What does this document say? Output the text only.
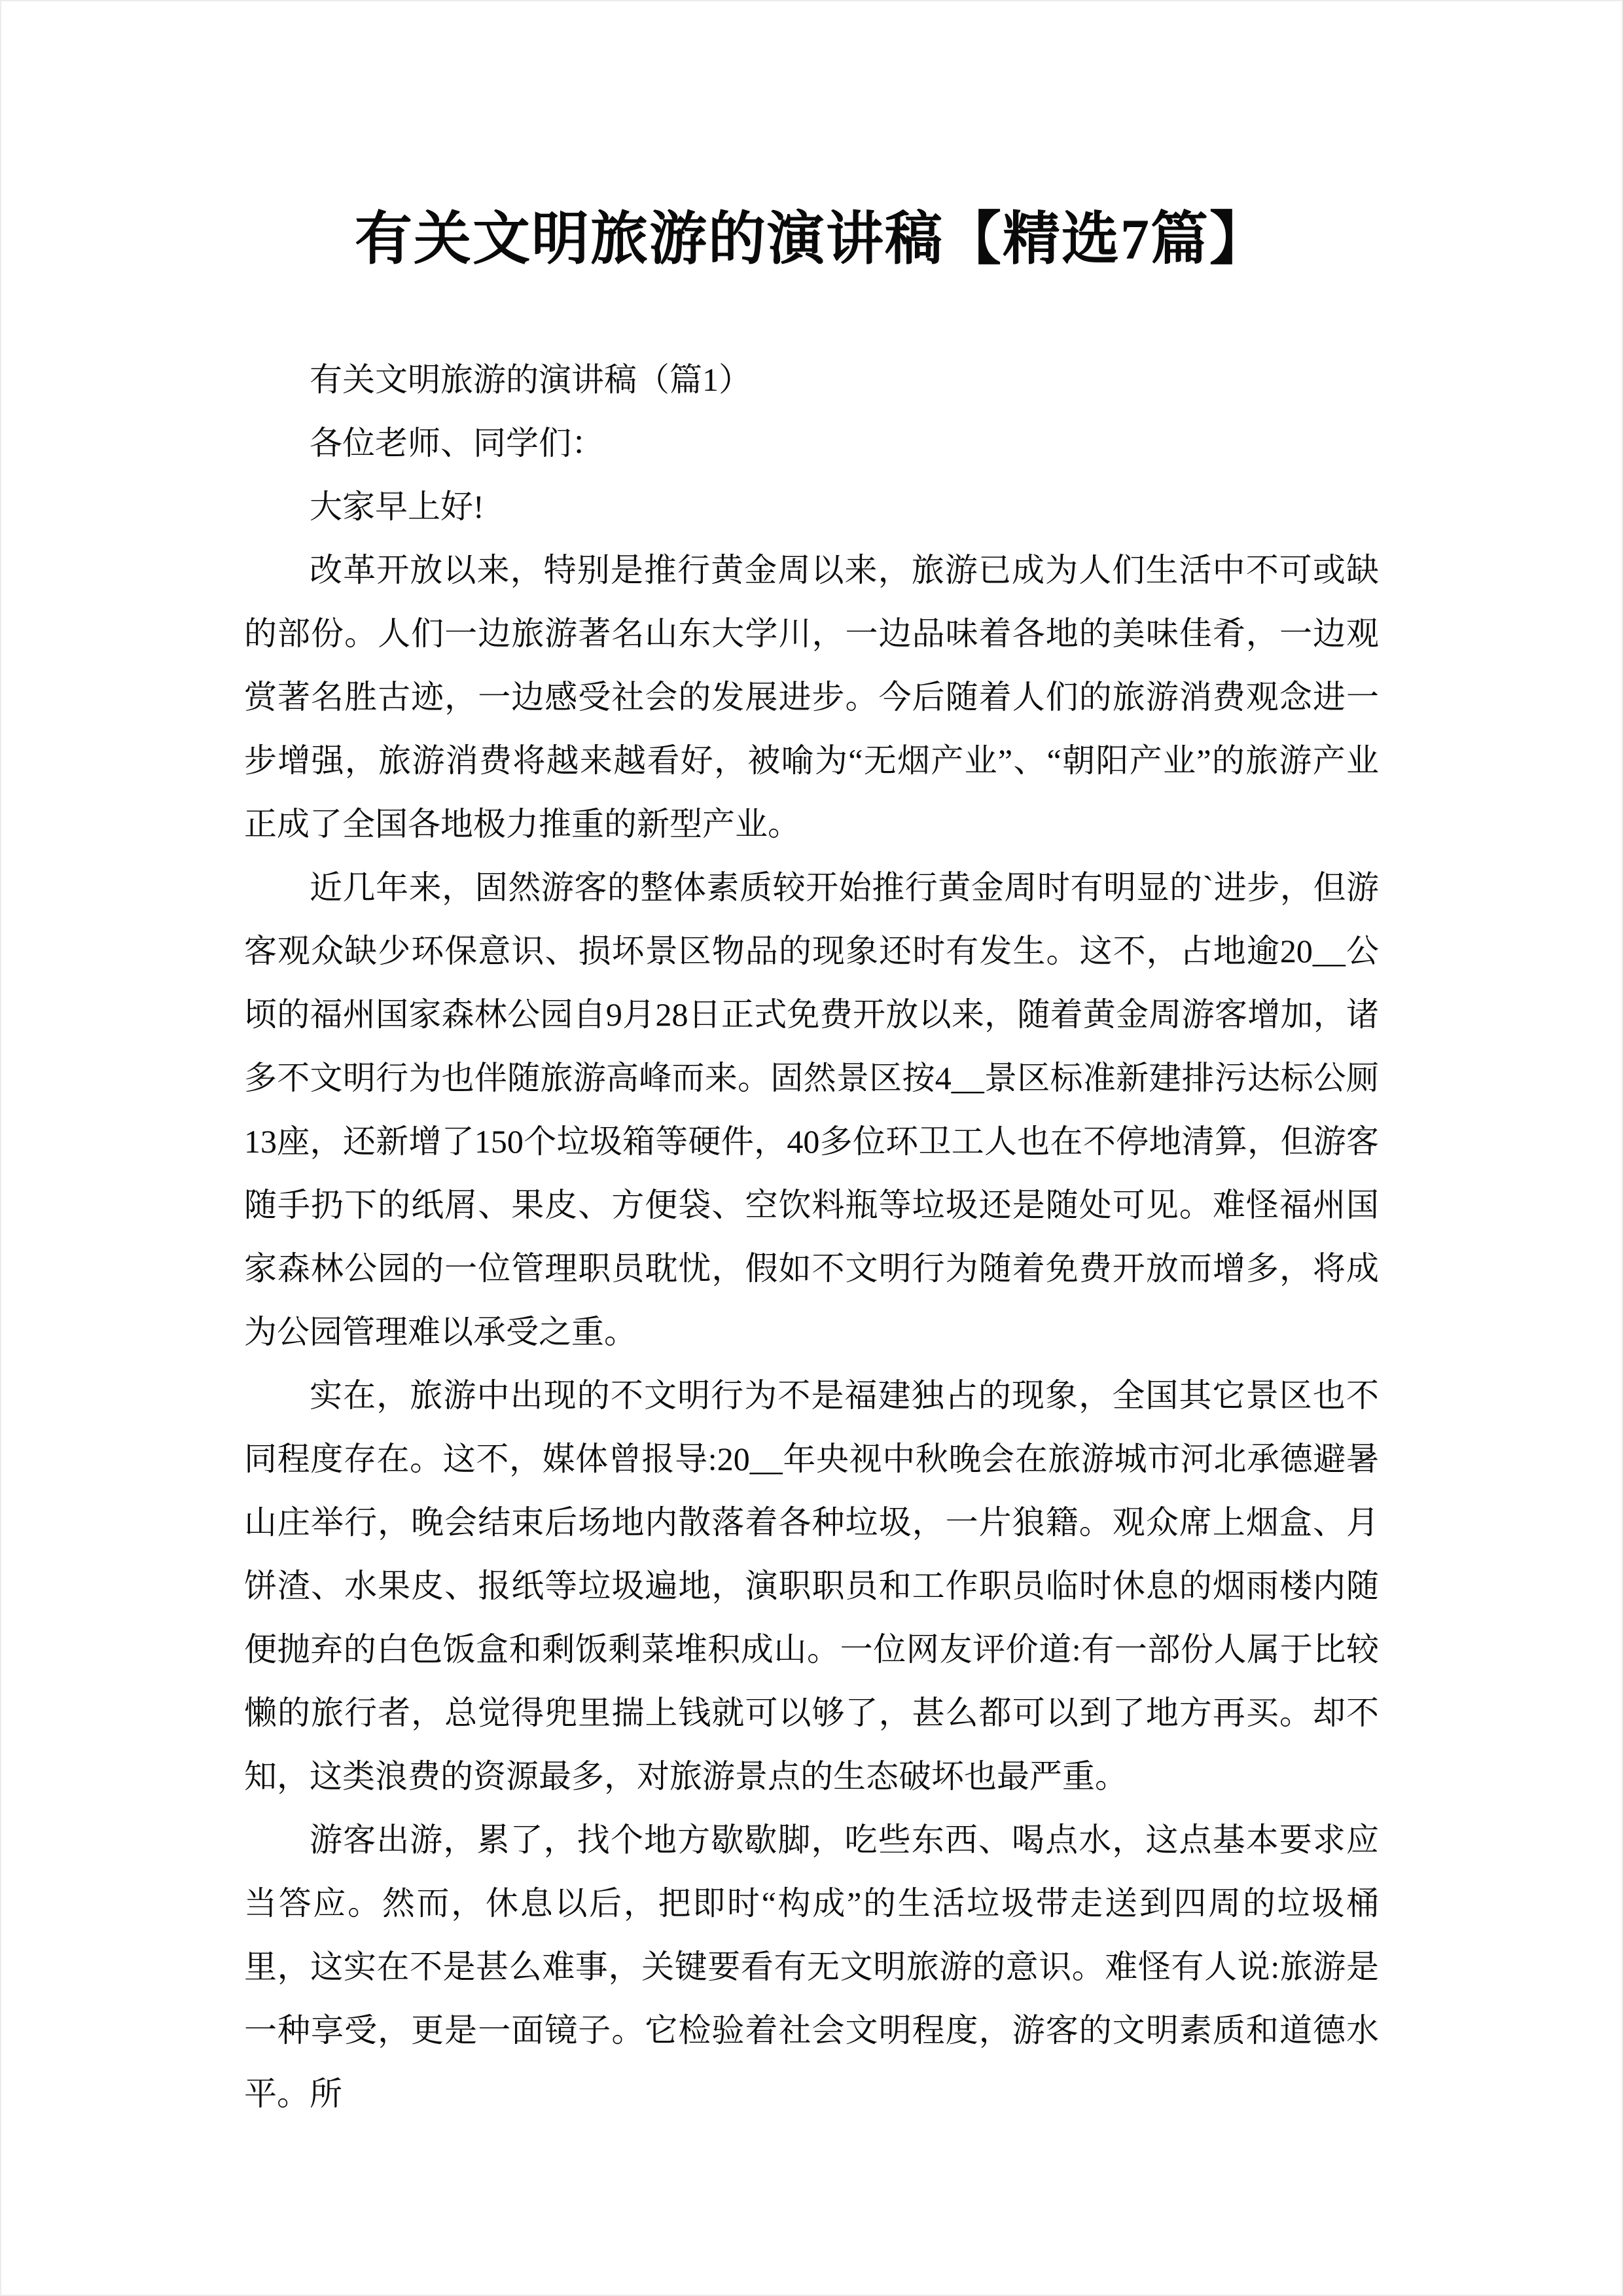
有关文明旅游的演讲稿【精选7篇】

有关文明旅游的演讲稿（篇1）

各位老师、同学们：

大家早上好!

改革开放以来，特别是推行黄金周以来，旅游已成为人们生活中不可或缺的部份。人们一边旅游著名山东大学川，一边品味着各地的美味佳肴，一边观赏著名胜古迹，一边感受社会的发展进步。今后随着人们的旅游消费观念进一步增强，旅游消费将越来越看好，被喻为“无烟产业”、“朝阳产业”的旅游产业正成了全国各地极力推重的新型产业。

近几年来，固然游客的整体素质较开始推行黄金周时有明显的`进步，但游客观众缺少环保意识、损坏景区物品的现象还时有发生。这不，占地逾20__公顷的福州国家森林公园自9月28日正式免费开放以来，随着黄金周游客增加，诸多不文明行为也伴随旅游高峰而来。固然景区按4__景区标准新建排污达标公厕13座，还新增了150个垃圾箱等硬件，40多位环卫工人也在不停地清算，但游客随手扔下的纸屑、果皮、方便袋、空饮料瓶等垃圾还是随处可见。难怪福州国家森林公园的一位管理职员耽忧，假如不文明行为随着免费开放而增多，将成为公园管理难以承受之重。

实在，旅游中出现的不文明行为不是福建独占的现象，全国其它景区也不同程度存在。这不，媒体曾报导:20__年央视中秋晚会在旅游城市河北承德避暑山庄举行，晚会结束后场地内散落着各种垃圾，一片狼籍。观众席上烟盒、月饼渣、水果皮、报纸等垃圾遍地，演职职员和工作职员临时休息的烟雨楼内随便抛弃的白色饭盒和剩饭剩菜堆积成山。一位网友评价道:有一部份人属于比较懒的旅行者，总觉得兜里揣上钱就可以够了，甚么都可以到了地方再买。却不知，这类浪费的资源最多，对旅游景点的生态破坏也最严重。

游客出游，累了，找个地方歇歇脚，吃些东西、喝点水，这点基本要求应当答应。然而，休息以后，把即时“构成”的生活垃圾带走送到四周的垃圾桶里，这实在不是甚么难事，关键要看有无文明旅游的意识。难怪有人说:旅游是一种享受，更是一面镜子。它检验着社会文明程度，游客的文明素质和道德水平。所
